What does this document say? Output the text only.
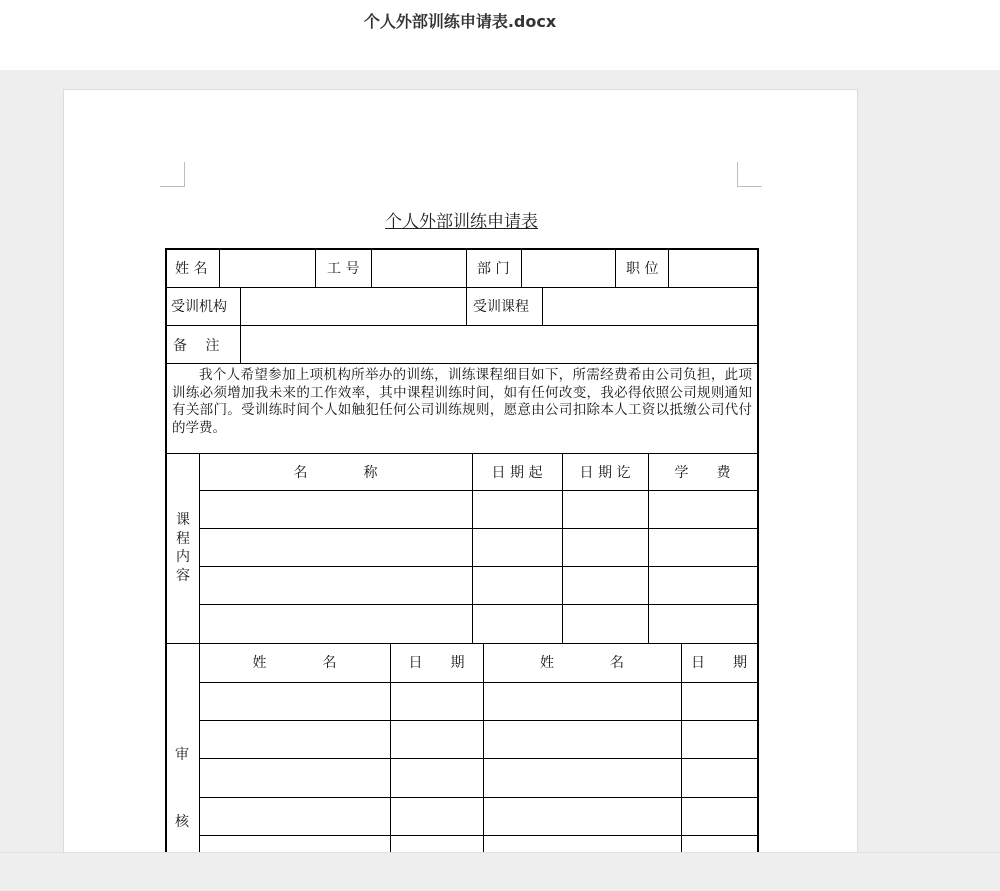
个人外部训练申请表.docx
个人外部训练申请表
姓 名	工 号	部 门	职 位
受训机构	受训课程
备　 注
我个人希望参加上项机构所举办的训练，训练课程细目如下，所需经费希由公司负担，此项训练必须增加我未来的工作效率，其中课程训练时间，如有任何改变，我必得依照公司规则通知有关部门。受训练时间个人如触犯任何公司训练规则，愿意由公司扣除本人工资以抵缴公司代付的学费。
课程内容
名　　　　称	日 期 起	日 期 讫	学　　费
审
核
姓　　　　名	日　　期	姓　　　　名	日　　期
